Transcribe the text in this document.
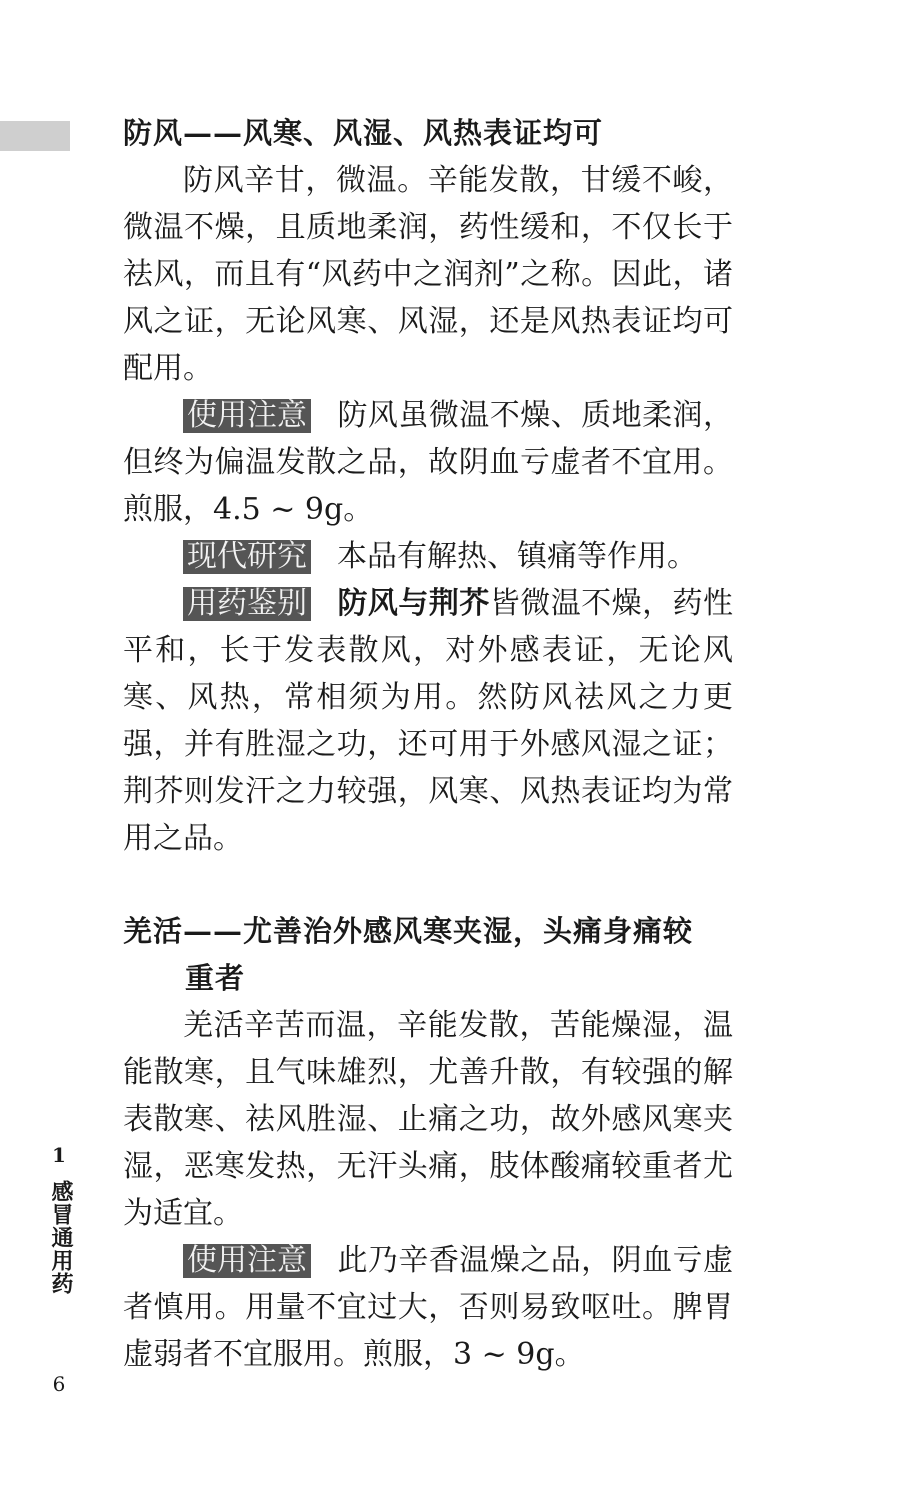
防风——风寒、风湿、风热表证均可

防风辛甘，微温。辛能发散，甘缓不峻，微温不燥，且质地柔润，药性缓和，不仅长于祛风，而且有“风药中之润剂”之称。因此，诸风之证，无论风寒、风湿，还是风热表证均可配用。

使用注意 防风虽微温不燥、质地柔润，但终为偏温发散之品，故阴血亏虚者不宜用。煎服，4.5 ~ 9g。

现代研究 本品有解热、镇痛等作用。

用药鉴别 防风与荆芥皆微温不燥，药性平和，长于发表散风，对外感表证，无论风寒、风热，常相须为用。然防风祛风之力更强，并有胜湿之功，还可用于外感风湿之证；荆芥则发汗之力较强，风寒、风热表证均为常用之品。

羌活——尤善治外感风寒夹湿，头痛身痛较
重者

羌活辛苦而温，辛能发散，苦能燥湿，温能散寒，且气味雄烈，尤善升散，有较强的解表散寒、祛风胜湿、止痛之功，故外感风寒夹湿，恶寒发热，无汗头痛，肢体酸痛较重者尤为适宜。

使用注意 此乃辛香温燥之品，阴血亏虚者慎用。用量不宜过大，否则易致呕吐。脾胃虚弱者不宜服用。煎服，3 ~ 9g。

1
感冒通用药
6
